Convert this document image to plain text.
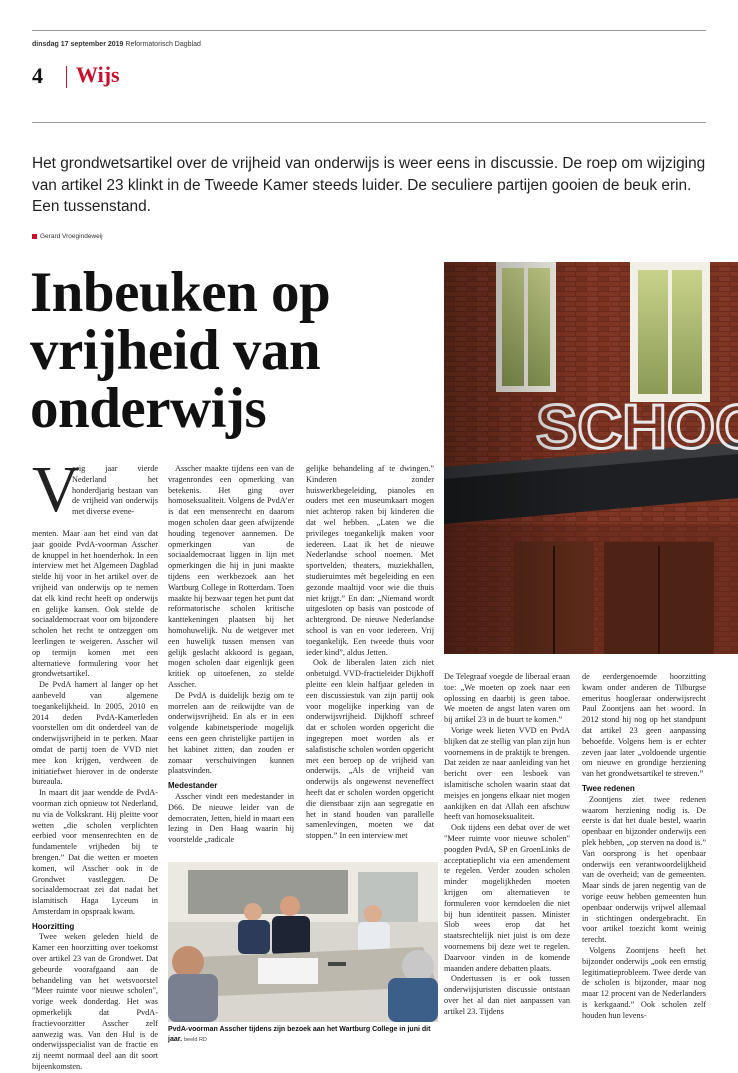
dinsdag 17 september 2019 Reformatorisch Dagblad
4 Wijs
Het grondwetsartikel over de vrijheid van onderwijs is weer eens in discussie. De roep om wijziging van artikel 23 klinkt in de Tweede Kamer steeds luider. De seculiere partijen gooien de beuk erin. Een tussenstand.
Gerard Vroegindeweij
Inbeuken op
vrijheid van
onderwijs
V

orig jaar vierde Nederland het honderdjarig bestaan van de vrijheid van onderwijs met diverse evene-

menten. Maar aan het eind van dat jaar gooide PvdA-voorman Asscher de knuppel in het hoenderhok. In een interview met het Algemeen Dagblad stelde hij voor in het artikel over de vrijheid van onderwijs op te nemen dat elk kind recht heeft op onderwijs en gelijke kansen. Ook stelde de sociaaldemocraat voor om bijzondere scholen het recht te ontzeggen om leerlingen te weigeren. Asscher wil op termijn komen met een alternatieve formulering voor het grondwetsartikel.

De PvdA hamert al langer op het aanbeveld van algemene toegankelijkheid. In 2005, 2010 en 2014 deden PvdA-Kamerleden voorstellen om dit onderdeel van de onderwijsvrijheid in te perken. Maar omdat de partij toen de VVD niet mee kon krijgen, verdween de initiatiefwet hierover in de onderste bureaula.

In maart dit jaar wendde de PvdA-voorman zich opnieuw tot Nederland, nu via de Volkskrant. Hij pleitte voor wetten „die scholen verplichten eerbied voor mensenrechten en de fundamentele vrijheden bij te brengen.” Dat die wetten er moeten komen, wil Asscher ook in de Grondwet vastleggen. De sociaaldemocraat zei dat nadat het islamitisch Haga Lyceum in Amsterdam in opspraak kwam.

Hoorzitting

Twee weken geleden hield de Kamer een hoorzitting over toekomst over artikel 23 van de Grondwet. Dat gebeurde voorafgaand aan de behandeling van het wetsvoorstel "Meer ruimte voor nieuwe scholen", vorige week donderdag. Het was opmerkelijk dat PvdA-fractievoorzitter Asscher zelf aanwezig was. Van den Hul is de onderwijsspecialist van de fractie en zij neemt normaal deel aan dit soort bijeenkomsten.

Asscher maakte tijdens een van de vragenrondes een opmerking van betekenis. Het ging over homoseksualiteit. Volgens de PvdA’er is dat een mensenrecht en daarom mogen scholen daar geen afwijzende houding tegenover aannemen. De opmerkingen van de sociaaldemocraat liggen in lijn met opmerkingen die hij in juni maakte tijdens een werkbezoek aan het Wartburg College in Rotterdam. Toen maakte hij bezwaar tegen het punt dat reformatorische scholen kritische kanttekeningen plaatsen bij het homohuwelijk. Nu de wetgever met een huwelijk tussen mensen van gelijk geslacht akkoord is gegaan, mogen scholen daar eigenlijk geen kritiek op uitoefenen, zo stelde Asscher.

De PvdA is duidelijk bezig om te morrelen aan de reikwijdte van de onderwijsvrijheid. En als er in een volgende kabinetsperiode mogelijk eens een geen christelijke partijen in het kabinet zitten, dan zouden er zomaar verschuivingen kunnen plaatsvinden.

Medestander

Asscher vindt een medestander in D66. De nieuwe leider van de democraten, Jetten, hield in maart een lezing in Den Haag waarin hij voorstelde „radicale

gelijke behandeling af te dwingen.” Kinderen zonder huiswerkbegeleiding, pianoles en ouders met een museumkaart mogen niet achterop raken bij kinderen die dat wel hebben. „Laten we die privileges toegankelijk maken voor iedereen. Laat ik het de nieuwe Nederlandse school noemen. Met sportvelden, theaters, muziekhallen, studieruimtes mét begeleiding en een gezonde maaltijd voor wie die thuis niet krijgt.” En dan: „Niemand wordt uitgesloten op basis van postcode of achtergrond. De nieuwe Nederlandse school is van en voor iedereen. Vrij toegankelijk. Een tweede thuis voor ieder kind”, aldus Jetten.

Ook de liberalen laten zich niet onbetuigd. VVD-fractieleider Dijkhoff pleitte een klein halfjaar geleden in een discussiestuk van zijn partij ook voor mogelijke inperking van de onderwijsvrijheid. Dijkhoff schreef dat er scholen worden opgericht die ingegrepen moet worden als er salafistische scholen worden opgericht met een beroep op de vrijheid van onderwijs. „Als de vrijheid van onderwijs als ongewenst neveneffect heeft dat er scholen worden opgericht die dienstbaar zijn aan segregatie en het in stand houden van parallelle samenlevingen, moeten we dat stoppen.” In een interview met

De Telegraaf voegde de liberaal eraan toe: „We moeten op zoek naar een oplossing en daarbij is geen taboe. We moeten de angst laten varen om bij artikel 23 in de buurt te komen.”

Vorige week lieten VVD en PvdA blijken dat ze stellig van plan zijn hun voornemens in de praktijk te brengen. Dat zeiden ze naar aanleiding van het bericht over een lesboek van islamitische scholen waarin staat dat meisjes en jongens elkaar niet mogen aankijken en dat Allah een afschuw heeft van homoseksualiteit.

Ook tijdens een debat over de wet "Meer ruimte voor nieuwe scholen" poogden PvdA, SP en GroenLinks de acceptatieplicht via een amendement te regelen. Verder zouden scholen minder mogelijkheden moeten krijgen om alternatieven te formuleren voor kerndoelen die niet bij hun identiteit passen. Minister Slob wees erop dat het staatsrechtelijk niet juist is om deze voornemens bij deze wet te regelen. Daarvoor vinden in de komende maanden andere debatten plaats.

Ondertussen is er ook tussen onderwijsjuristen discussie ontstaan over het al dan niet aanpassen van artikel 23. Tijdens

de eerdergenoemde hoorzitting kwam onder anderen de Tilburgse emeritus hoogleraar onderwijsrecht Paul Zoontjens aan het woord. In 2012 stond hij nog op het standpunt dat artikel 23 geen aanpassing behoefde. Volgens hem is er echter zeven jaar later „voldoende urgentie om nieuwe en grondige herziening van het grondwetsartikel te streven.”

Twee redenen

Zoontjens ziet twee redenen waarom herziening nodig is. De eerste is dat het duale bestel, waarin openbaar en bijzonder onderwijs een plek hebben, „op sterven na dood is.” Van oorsprong is het openbaar onderwijs een verantwoordelijkheid van de overheid; van de gemeenten. Maar sinds de jaren negentig van de vorige eeuw hebben gemeenten hun openbaar onderwijs vrijwel allemaal in stichtingen ondergebracht. En voor artikel toezicht komt weinig terecht.

Volgens Zoontjens heeft het bijzonder onderwijs „ook een ernstig legitimatieprobleem. Twee derde van de scholen is bijzonder, maar nog maar 12 procent van de Nederlanders is kerkgaand.” Ook scholen zelf houden hun levens-

PvdA-voorman Asscher tijdens zijn bezoek aan het Wartburg College in juni dit jaar. beeld RD
